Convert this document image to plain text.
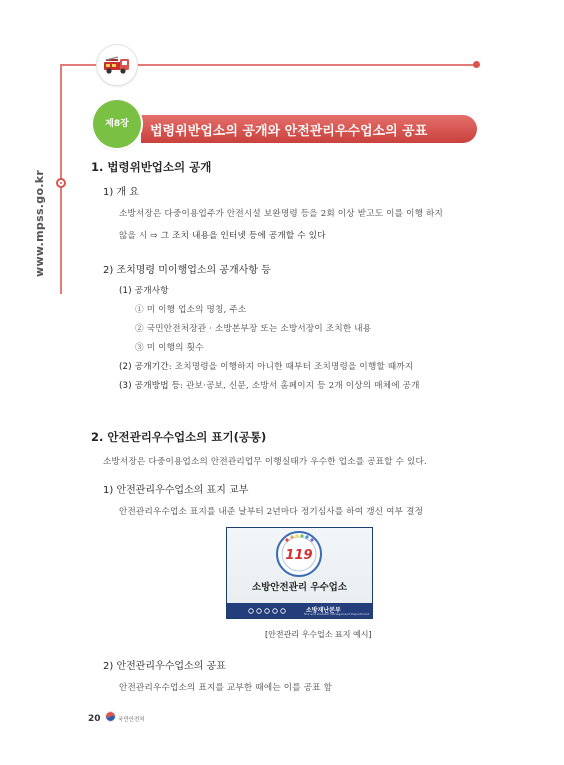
www.mpss.go.kr
법령위반업소의 공개와 안전관리우수업소의 공표
제8장
1. 법령위반업소의 공개
1) 개 요
소방서장은 다중이용업주가 안전시설 보완명령 등을 2회 이상 받고도 이를 이행 하지
않을 시 ⇨ 그 조치 내용을 인터넷 등에 공개할 수 있다
2) 조치명령 미이행업소의 공개사항 등
(1) 공개사항
① 미 이행 업소의 명칭, 주소
② 국민안전처장관 · 소방본부장 또는 소방서장이 조치한 내용
③ 미 이행의 횟수
(2) 공개기간: 조치명령을 이행하지 아니한 때부터 조치명령을 이행할 때까지
(3) 공개방법 등: 관보·공보, 신문, 소방서 홈페이지 등 2개 이상의 매체에 공개
2. 안전관리우수업소의 표기(공통)
소방서장은 다중이용업소의 안전관리업무 이행실태가 우수한 업소를 공표할 수 있다.
1) 안전관리우수업소의 표지 교부
안전관리우수업소 표지를 내준 날부터 2년마다 정기심사를 하여 갱신 여부 결정
119
소방안전관리 우수업소
소방재난본부
Fire and Disaster Management Department
[안전관리 우수업소 표지 예시]
2) 안전관리우수업소의 공표
안전관리우수업소의 표지를 교부한 때에는 이를 공표 함
20	국민안전처
